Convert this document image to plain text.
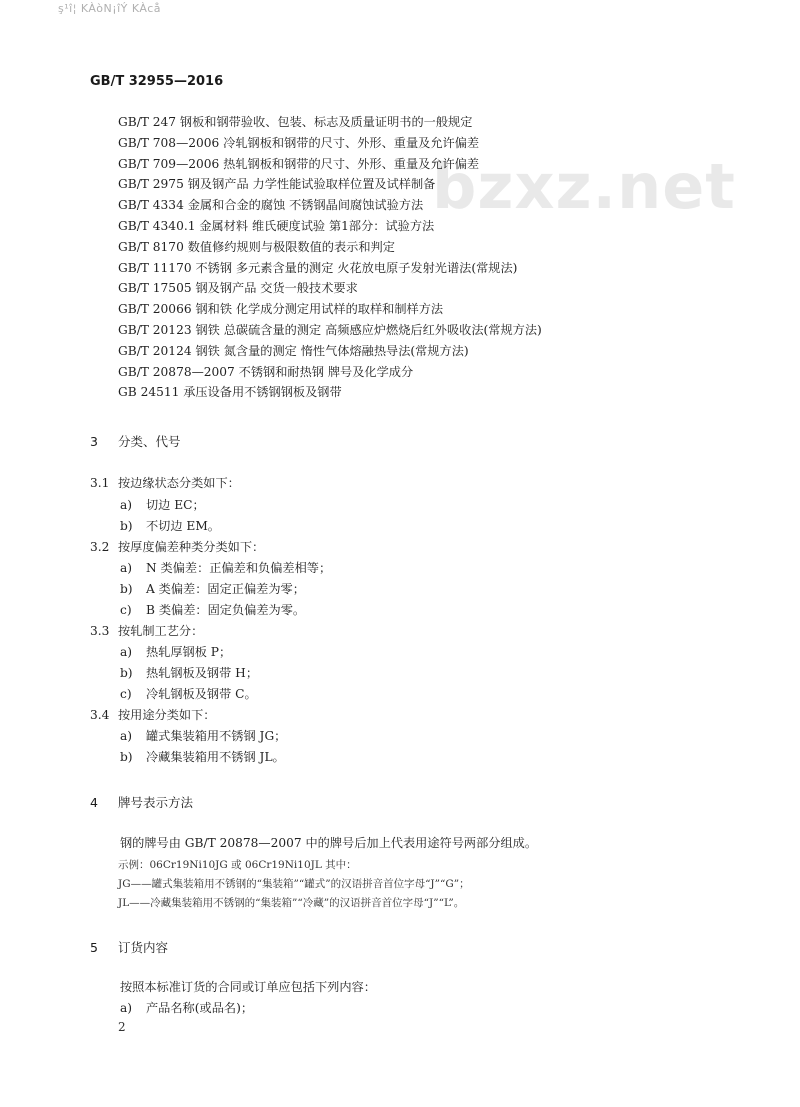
ş¹î¦ KÀòN¡îÝ KÀcå
GB/T 32955—2016
bzxz.net
GB/T 247 钢板和钢带验收、包装、标志及质量证明书的一般规定
GB/T 708—2006 冷轧钢板和钢带的尺寸、外形、重量及允许偏差
GB/T 709—2006 热轧钢板和钢带的尺寸、外形、重量及允许偏差
GB/T 2975 钢及钢产品 力学性能试验取样位置及试样制备
GB/T 4334 金属和合金的腐蚀 不锈钢晶间腐蚀试验方法
GB/T 4340.1 金属材料 维氏硬度试验 第1部分：试验方法
GB/T 8170 数值修约规则与极限数值的表示和判定
GB/T 11170 不锈钢 多元素含量的测定 火花放电原子发射光谱法(常规法)
GB/T 17505 钢及钢产品 交货一般技术要求
GB/T 20066 钢和铁 化学成分测定用试样的取样和制样方法
GB/T 20123 钢铁 总碳硫含量的测定 高频感应炉燃烧后红外吸收法(常规方法)
GB/T 20124 钢铁 氮含量的测定 惰性气体熔融热导法(常规方法)
GB/T 20878—2007 不锈钢和耐热钢 牌号及化学成分
GB 24511 承压设备用不锈钢钢板及钢带
3 分类、代号
3.1 按边缘状态分类如下：
a) 切边 EC；
b) 不切边 EM。
3.2 按厚度偏差种类分类如下：
a) N 类偏差：正偏差和负偏差相等；
b) A 类偏差：固定正偏差为零；
c) B 类偏差：固定负偏差为零。
3.3 按轧制工艺分：
a) 热轧厚钢板 P；
b) 热轧钢板及钢带 H；
c) 冷轧钢板及钢带 C。
3.4 按用途分类如下：
a) 罐式集装箱用不锈钢 JG；
b) 冷藏集装箱用不锈钢 JL。
4 牌号表示方法
钢的牌号由 GB/T 20878—2007 中的牌号后加上代表用途符号两部分组成。
示例：06Cr19Ni10JG 或 06Cr19Ni10JL 其中：
JG——罐式集装箱用不锈钢的“集装箱”“罐式”的汉语拼音首位字母“J”“G”；
JL——冷藏集装箱用不锈钢的“集装箱”“冷藏”的汉语拼音首位字母“J”“L”。
5 订货内容
按照本标准订货的合同或订单应包括下列内容：
a) 产品名称(或品名)；
2
